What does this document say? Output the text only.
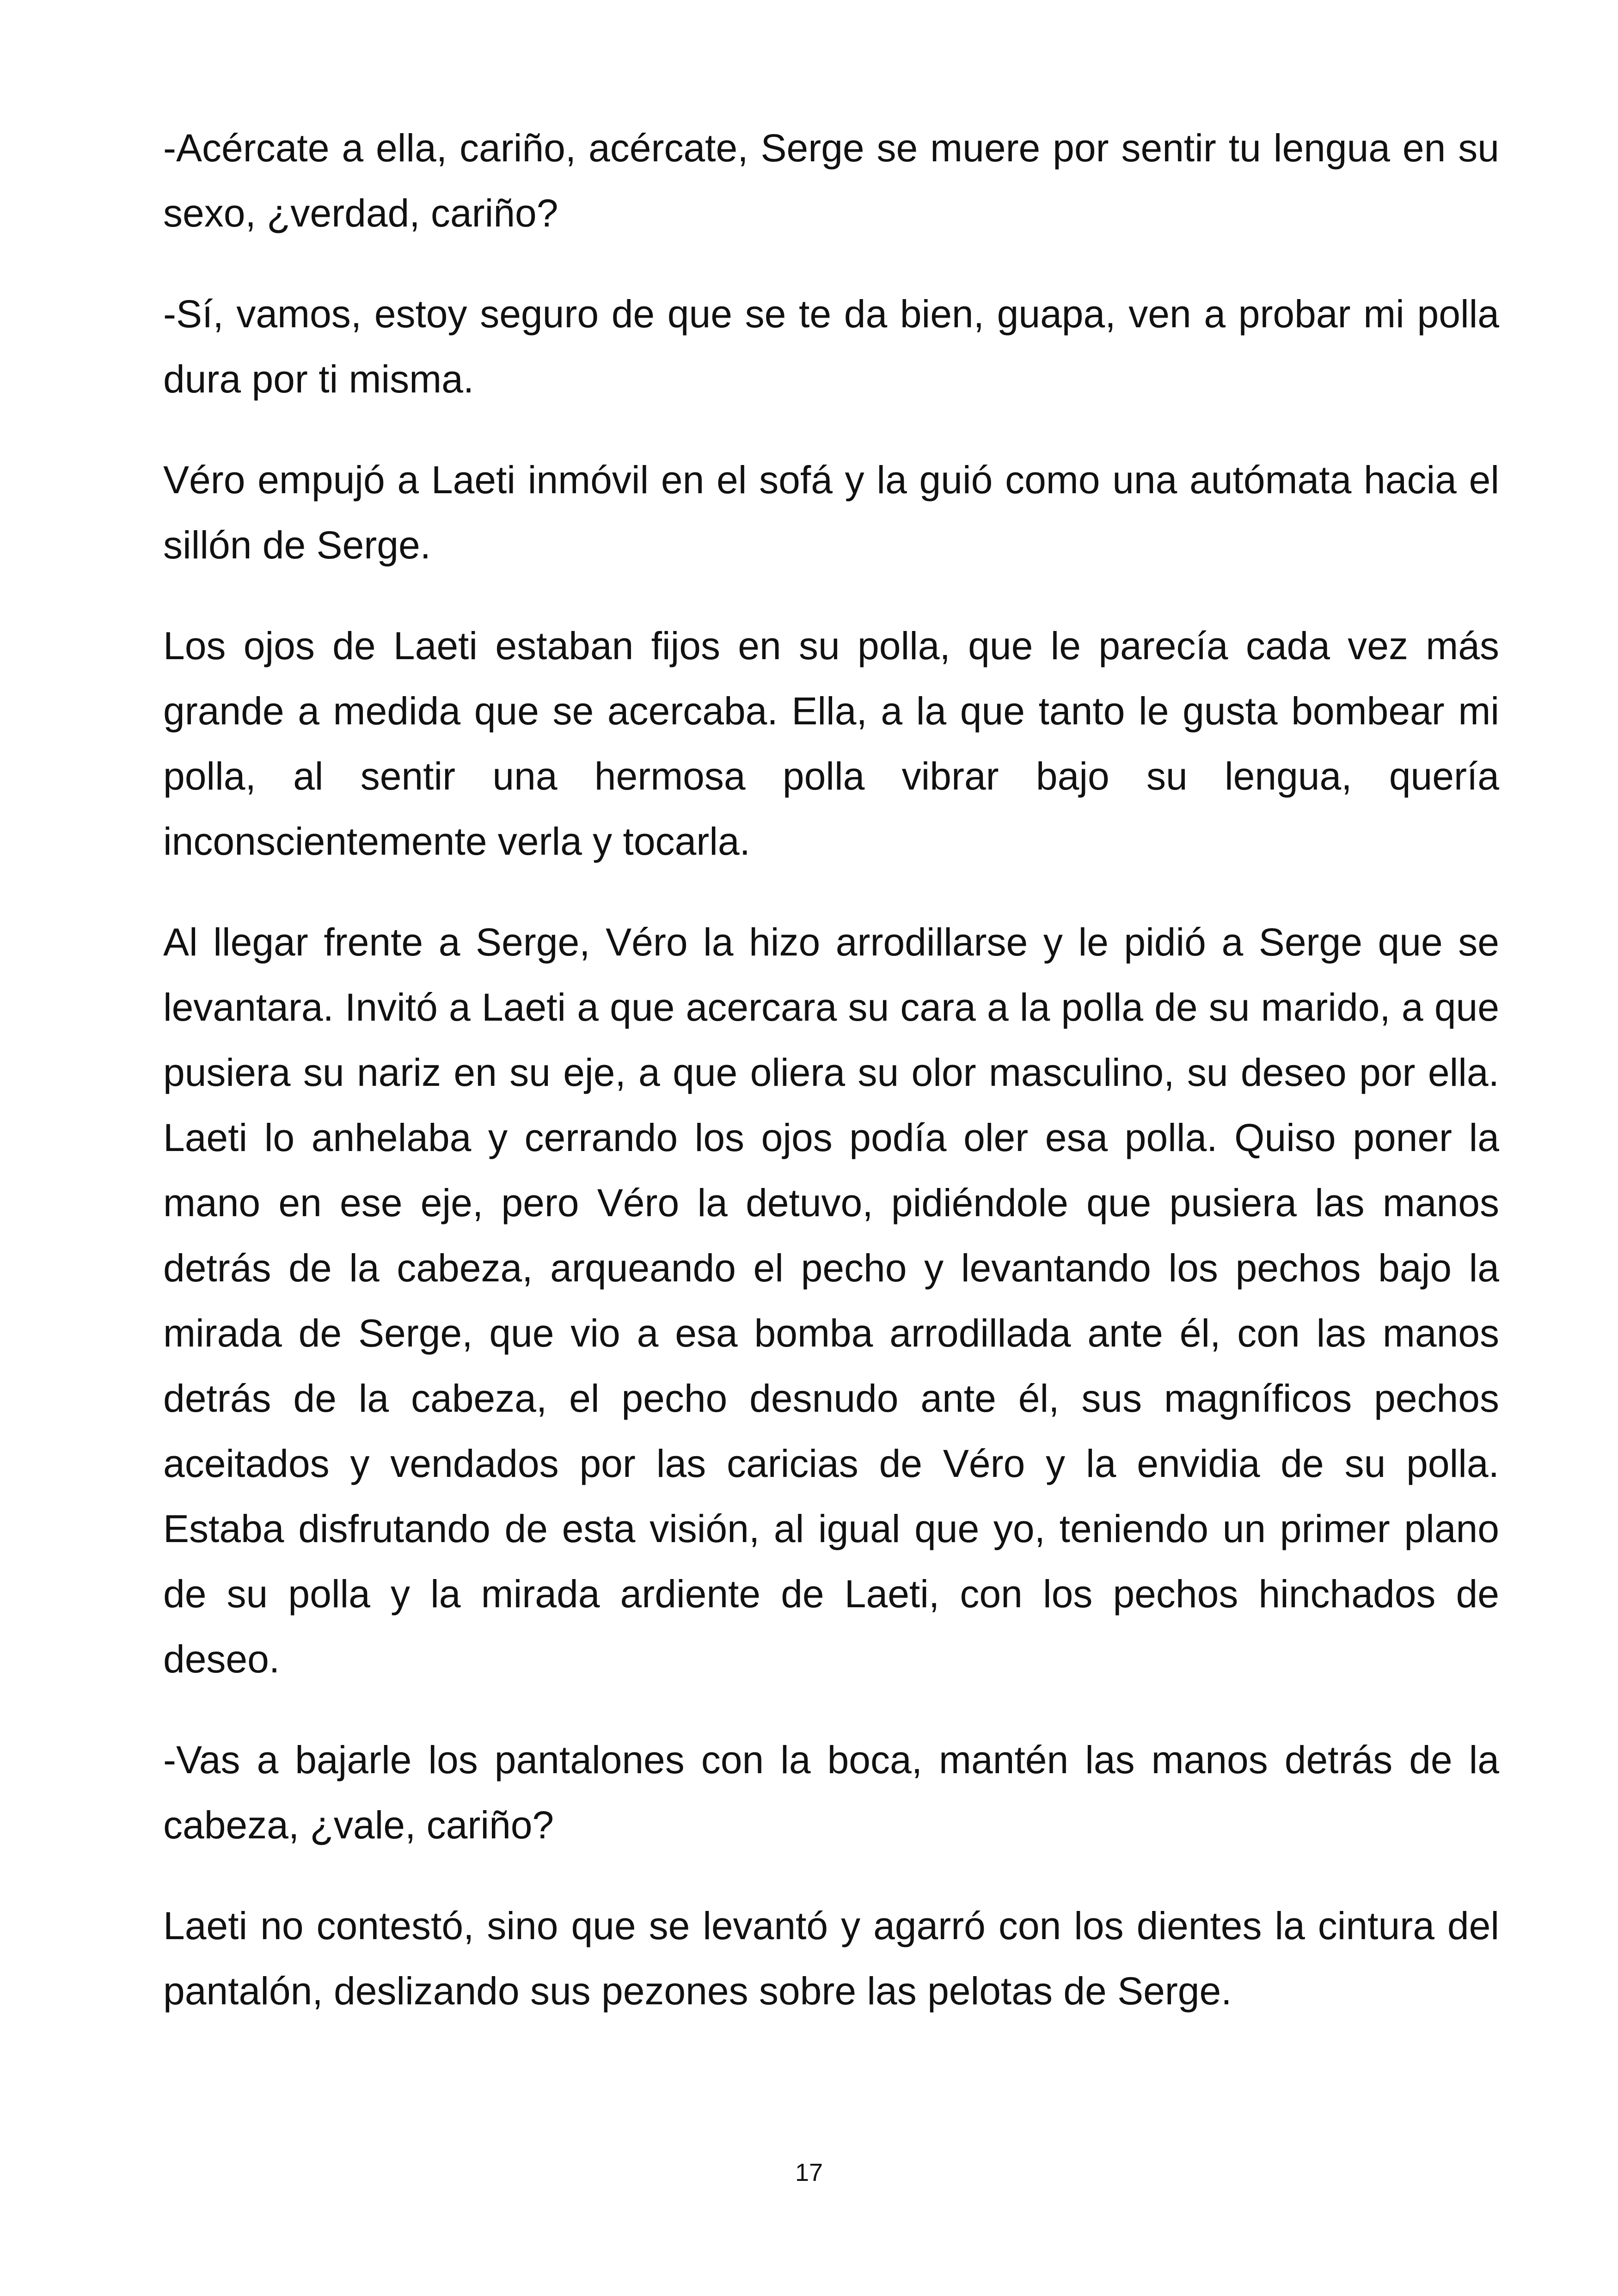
-Acércate a ella, cariño, acércate, Serge se muere por sentir tu lengua en su sexo, ¿verdad, cariño?

-Sí, vamos, estoy seguro de que se te da bien, guapa, ven a probar mi polla dura por ti misma.

Véro empujó a Laeti inmóvil en el sofá y la guió como una autómata hacia el sillón de Serge.

Los ojos de Laeti estaban fijos en su polla, que le parecía cada vez más grande a medida que se acercaba. Ella, a la que tanto le gusta bombear mi polla, al sentir una hermosa polla vibrar bajo su lengua, quería inconscientemente verla y tocarla.

Al llegar frente a Serge, Véro la hizo arrodillarse y le pidió a Serge que se levantara. Invitó a Laeti a que acercara su cara a la polla de su marido, a que pusiera su nariz en su eje, a que oliera su olor masculino, su deseo por ella. Laeti lo anhelaba y cerrando los ojos podía oler esa polla. Quiso poner la mano en ese eje, pero Véro la detuvo, pidiéndole que pusiera las manos detrás de la cabeza, arqueando el pecho y levantando los pechos bajo la mirada de Serge, que vio a esa bomba arrodillada ante él, con las manos detrás de la cabeza, el pecho desnudo ante él, sus magníficos pechos aceitados y vendados por las caricias de Véro y la envidia de su polla. Estaba disfrutando de esta visión, al igual que yo, teniendo un primer plano de su polla y la mirada ardiente de Laeti, con los pechos hinchados de deseo.

-Vas a bajarle los pantalones con la boca, mantén las manos detrás de la cabeza, ¿vale, cariño?

Laeti no contestó, sino que se levantó y agarró con los dientes la cintura del pantalón, deslizando sus pezones sobre las pelotas de Serge.

17
